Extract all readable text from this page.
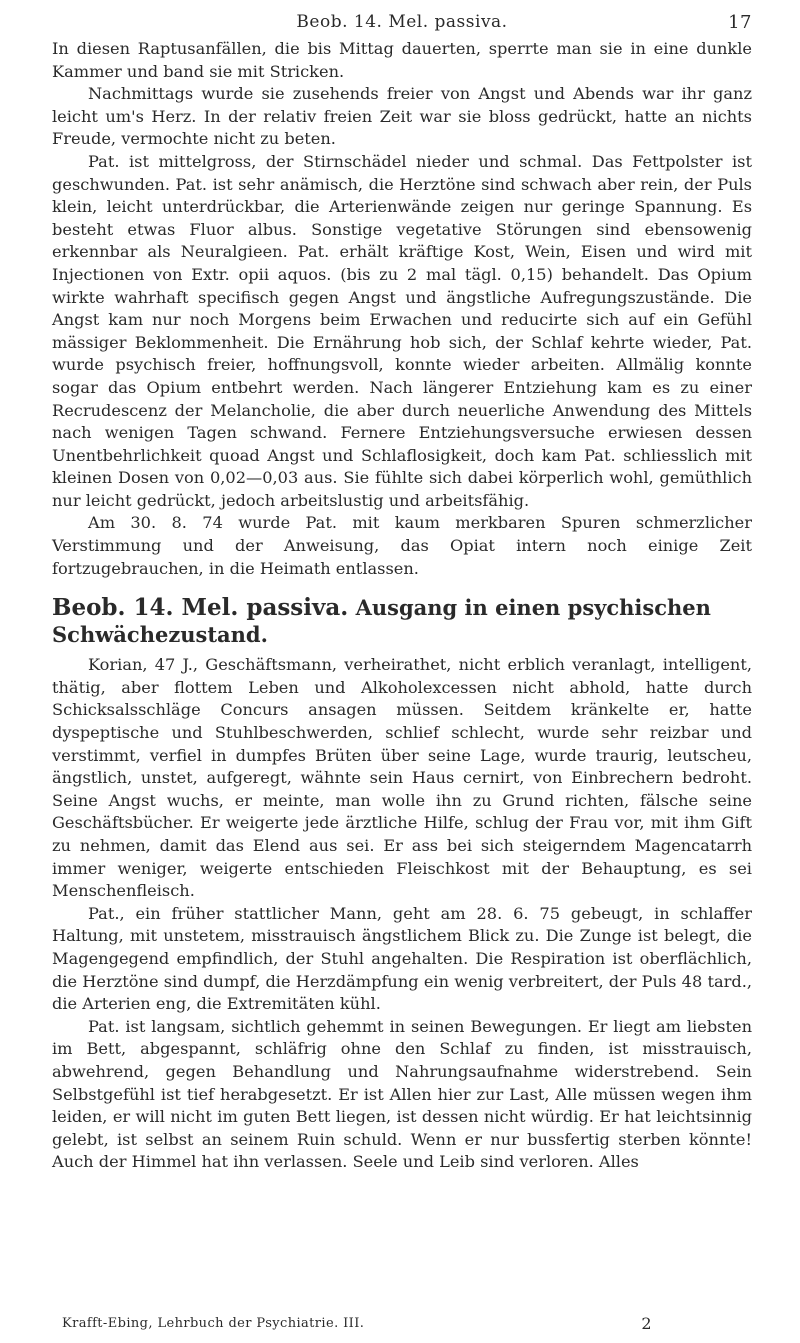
Beob. 14. Mel. passiva.	17

In diesen Raptusanfällen, die bis Mittag dauerten, sperrte man sie in eine dunkle Kammer und band sie mit Stricken.

Nachmittags wurde sie zusehends freier von Angst und Abends war ihr ganz leicht um's Herz. In der relativ freien Zeit war sie bloss gedrückt, hatte an nichts Freude, vermochte nicht zu beten.

Pat. ist mittelgross, der Stirnschädel nieder und schmal. Das Fettpolster ist geschwunden. Pat. ist sehr anämisch, die Herztöne sind schwach aber rein, der Puls klein, leicht unterdrückbar, die Arterienwände zeigen nur geringe Spannung. Es besteht etwas Fluor albus. Sonstige vegetative Störungen sind ebensowenig erkennbar als Neuralgieen. Pat. erhält kräftige Kost, Wein, Eisen und wird mit Injectionen von Extr. opii aquos. (bis zu 2 mal tägl. 0,15) behandelt. Das Opium wirkte wahrhaft specifisch gegen Angst und ängstliche Aufregungszustände. Die Angst kam nur noch Morgens beim Erwachen und reducirte sich auf ein Gefühl mässiger Beklommenheit. Die Ernährung hob sich, der Schlaf kehrte wieder, Pat. wurde psychisch freier, hoffnungsvoll, konnte wieder arbeiten. Allmälig konnte sogar das Opium entbehrt werden. Nach längerer Entziehung kam es zu einer Recrudescenz der Melancholie, die aber durch neuerliche Anwendung des Mittels nach wenigen Tagen schwand. Fernere Entziehungsversuche erwiesen dessen Unentbehrlichkeit quoad Angst und Schlaflosigkeit, doch kam Pat. schliesslich mit kleinen Dosen von 0,02—0,03 aus. Sie fühlte sich dabei körperlich wohl, gemüthlich nur leicht gedrückt, jedoch arbeitslustig und arbeitsfähig.

Am 30. 8. 74 wurde Pat. mit kaum merkbaren Spuren schmerzlicher Verstimmung und der Anweisung, das Opiat intern noch einige Zeit fortzugebrauchen, in die Heimath entlassen.

Beob. 14. Mel. passiva. Ausgang in einen psychischen Schwächezustand.

Korian, 47 J., Geschäftsmann, verheirathet, nicht erblich veranlagt, intelligent, thätig, aber flottem Leben und Alkoholexcessen nicht abhold, hatte durch Schicksalsschläge Concurs ansagen müssen. Seitdem kränkelte er, hatte dyspeptische und Stuhlbeschwerden, schlief schlecht, wurde sehr reizbar und verstimmt, verfiel in dumpfes Brüten über seine Lage, wurde traurig, leutscheu, ängstlich, unstet, aufgeregt, wähnte sein Haus cernirt, von Einbrechern bedroht. Seine Angst wuchs, er meinte, man wolle ihn zu Grund richten, fälsche seine Geschäftsbücher. Er weigerte jede ärztliche Hilfe, schlug der Frau vor, mit ihm Gift zu nehmen, damit das Elend aus sei. Er ass bei sich steigerndem Magencatarrh immer weniger, weigerte entschieden Fleischkost mit der Behauptung, es sei Menschenfleisch.

Pat., ein früher stattlicher Mann, geht am 28. 6. 75 gebeugt, in schlaffer Haltung, mit unstetem, misstrauisch ängstlichem Blick zu. Die Zunge ist belegt, die Magengegend empfindlich, der Stuhl angehalten. Die Respiration ist oberflächlich, die Herztöne sind dumpf, die Herzdämpfung ein wenig verbreitert, der Puls 48 tard., die Arterien eng, die Extremitäten kühl.

Pat. ist langsam, sichtlich gehemmt in seinen Bewegungen. Er liegt am liebsten im Bett, abgespannt, schläfrig ohne den Schlaf zu finden, ist misstrauisch, abwehrend, gegen Behandlung und Nahrungsaufnahme widerstrebend. Sein Selbstgefühl ist tief herabgesetzt. Er ist Allen hier zur Last, Alle müssen wegen ihm leiden, er will nicht im guten Bett liegen, ist dessen nicht würdig. Er hat leichtsinnig gelebt, ist selbst an seinem Ruin schuld. Wenn er nur bussfertig sterben könnte! Auch der Himmel hat ihn verlassen. Seele und Leib sind verloren. Alles

Krafft-Ebing, Lehrbuch der Psychiatrie. III.	2
